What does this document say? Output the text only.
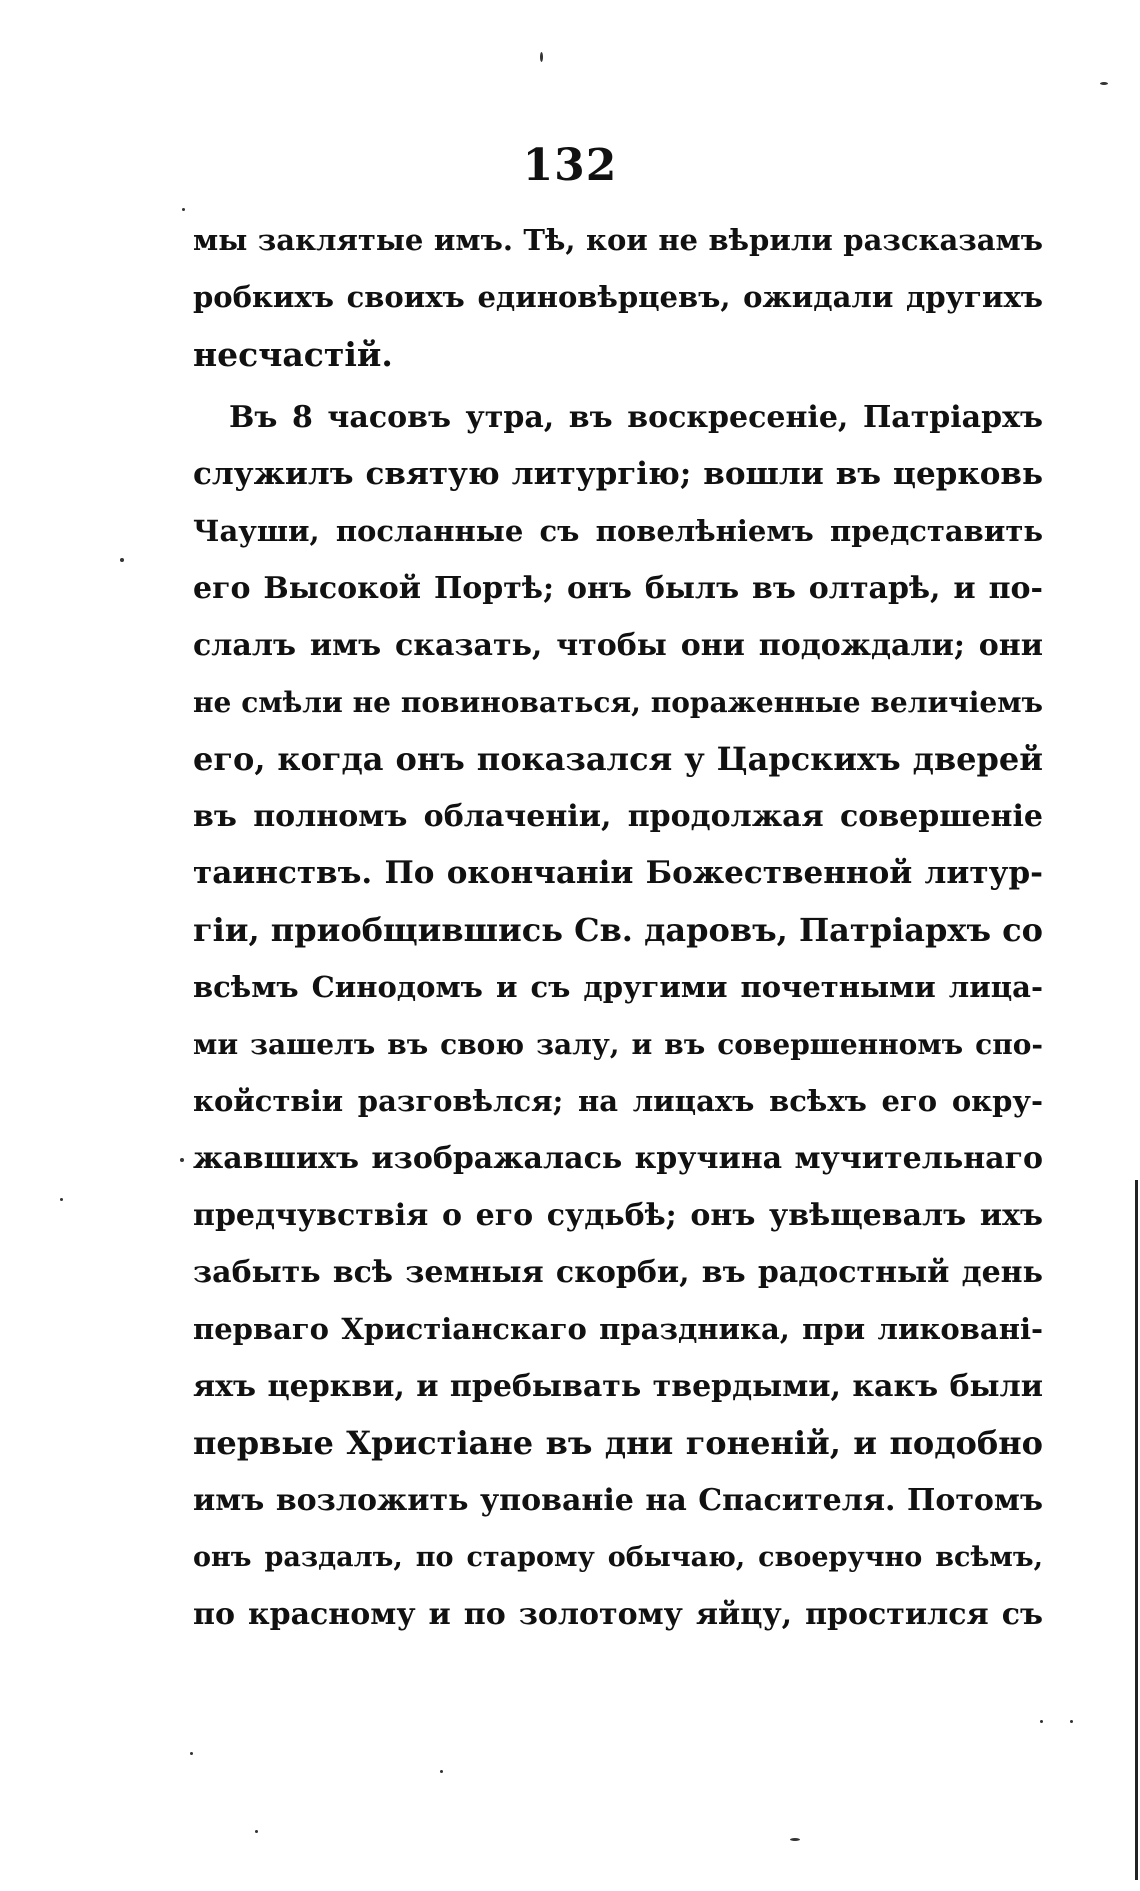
132
мы заклятые имъ. Тѣ, кои не вѣрили разсказамъ
робкихъ своихъ единовѣрцевъ, ожидали другихъ
несчастій.
Въ 8 часовъ утра, въ воскресеніе, Патріархъ
служилъ святую литургію; вошли въ церковь
Чауши, посланные съ повелѣніемъ представить
его Высокой Портѣ; онъ былъ въ олтарѣ, и по-
слалъ имъ сказать, чтобы они подождали; они
не смѣли не повиноваться, пораженные величіемъ
его, когда онъ показался у Царскихъ дверей
въ полномъ облаченіи, продолжая совершеніе
таинствъ. По окончаніи Божественной литур-
гіи, приобщившись Св. даровъ, Патріархъ со
всѣмъ Синодомъ и съ другими почетными лица-
ми зашелъ въ свою залу, и въ совершенномъ спо-
койствіи разговѣлся; на лицахъ всѣхъ его окру-
жавшихъ изображалась кручина мучительнаго
предчувствія о его судьбѣ; онъ увѣщевалъ ихъ
забыть всѣ земныя скорби, въ радостный день
перваго Христіанскаго праздника, при ликовані-
яхъ церкви, и пребывать твердыми, какъ были
первые Христіане въ дни гоненій, и подобно
имъ возложить упованіе на Спасителя. Потомъ
онъ раздалъ, по старому обычаю, своеручно всѣмъ,
по красному и по золотому яйцу, простился съ
